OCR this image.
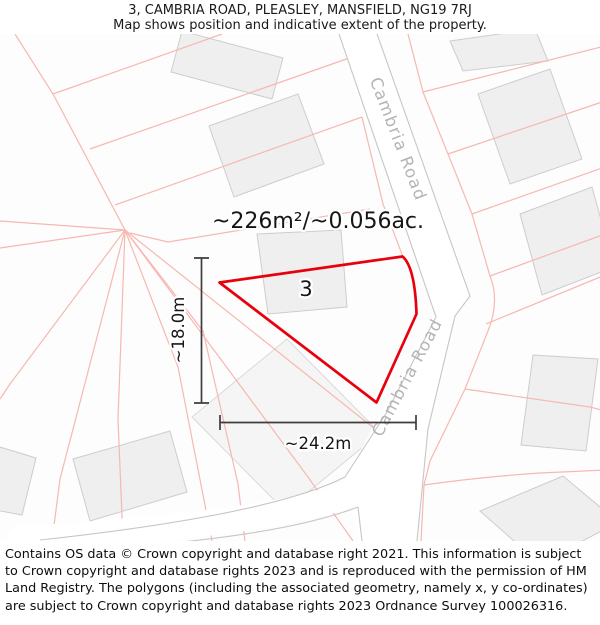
3, CAMBRIA ROAD, PLEASLEY, MANSFIELD, NG19 7RJ
Map shows position and indicative extent of the property.
Cambria Road
Cambria Road
~18.0m
~24.2m
~226m²/~0.056ac.
3
Contains OS data © Crown copyright and database right 2021. This information is subject to Crown copyright and database rights 2023 and is reproduced with the permission of HM Land Registry. The polygons (including the associated geometry, namely x, y co-ordinates) are subject to Crown copyright and database rights 2023 Ordnance Survey 100026316.
